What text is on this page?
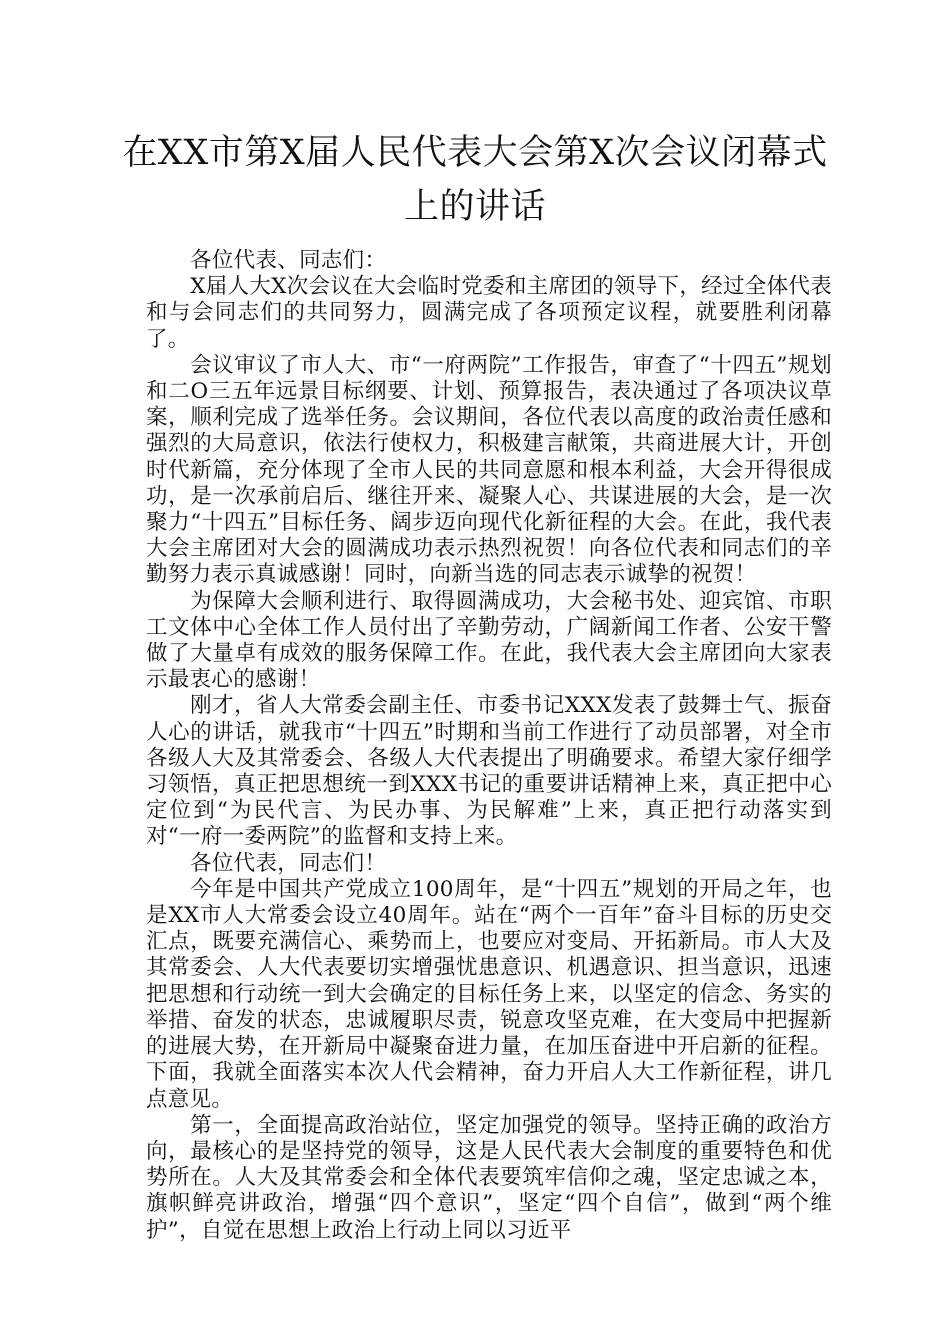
在XX市第X届人民代表大会第X次会议闭幕式上的讲话

各位代表、同志们：

X届人大X次会议在大会临时党委和主席团的领导下，经过全体代表和与会同志们的共同努力，圆满完成了各项预定议程，就要胜利闭幕了。

会议审议了市人大、市“一府两院”工作报告，审查了“十四五”规划和二O三五年远景目标纲要、计划、预算报告，表决通过了各项决议草案，顺利完成了选举任务。会议期间，各位代表以高度的政治责任感和强烈的大局意识，依法行使权力，积极建言献策，共商进展大计，开创时代新篇，充分体现了全市人民的共同意愿和根本利益，大会开得很成功，是一次承前启后、继往开来、凝聚人心、共谋进展的大会，是一次聚力“十四五”目标任务、阔步迈向现代化新征程的大会。在此，我代表大会主席团对大会的圆满成功表示热烈祝贺！向各位代表和同志们的辛勤努力表示真诚感谢！同时，向新当选的同志表示诚挚的祝贺！

为保障大会顺利进行、取得圆满成功，大会秘书处、迎宾馆、市职工文体中心全体工作人员付出了辛勤劳动，广阔新闻工作者、公安干警做了大量卓有成效的服务保障工作。在此，我代表大会主席团向大家表示最衷心的感谢！

刚才，省人大常委会副主任、市委书记XXX发表了鼓舞士气、振奋人心的讲话，就我市“十四五”时期和当前工作进行了动员部署，对全市各级人大及其常委会、各级人大代表提出了明确要求。希望大家仔细学习领悟，真正把思想统一到XXX书记的重要讲话精神上来，真正把中心定位到“为民代言、为民办事、为民解难”上来，真正把行动落实到对“一府一委两院”的监督和支持上来。

各位代表，同志们！

今年是中国共产党成立100周年，是“十四五”规划的开局之年，也是XX市人大常委会设立40周年。站在“两个一百年”奋斗目标的历史交汇点，既要充满信心、乘势而上，也要应对变局、开拓新局。市人大及其常委会、人大代表要切实增强忧患意识、机遇意识、担当意识，迅速把思想和行动统一到大会确定的目标任务上来，以坚定的信念、务实的举措、奋发的状态，忠诚履职尽责，锐意攻坚克难，在大变局中把握新的进展大势，在开新局中凝聚奋进力量，在加压奋进中开启新的征程。下面，我就全面落实本次人代会精神，奋力开启人大工作新征程，讲几点意见。

第一，全面提高政治站位，坚定加强党的领导。坚持正确的政治方向，最核心的是坚持党的领导，这是人民代表大会制度的重要特色和优势所在。人大及其常委会和全体代表要筑牢信仰之魂，坚定忠诚之本，旗帜鲜亮讲政治，增强“四个意识”，坚定“四个自信”，做到“两个维护”，自觉在思想上政治上行动上同以习近平
